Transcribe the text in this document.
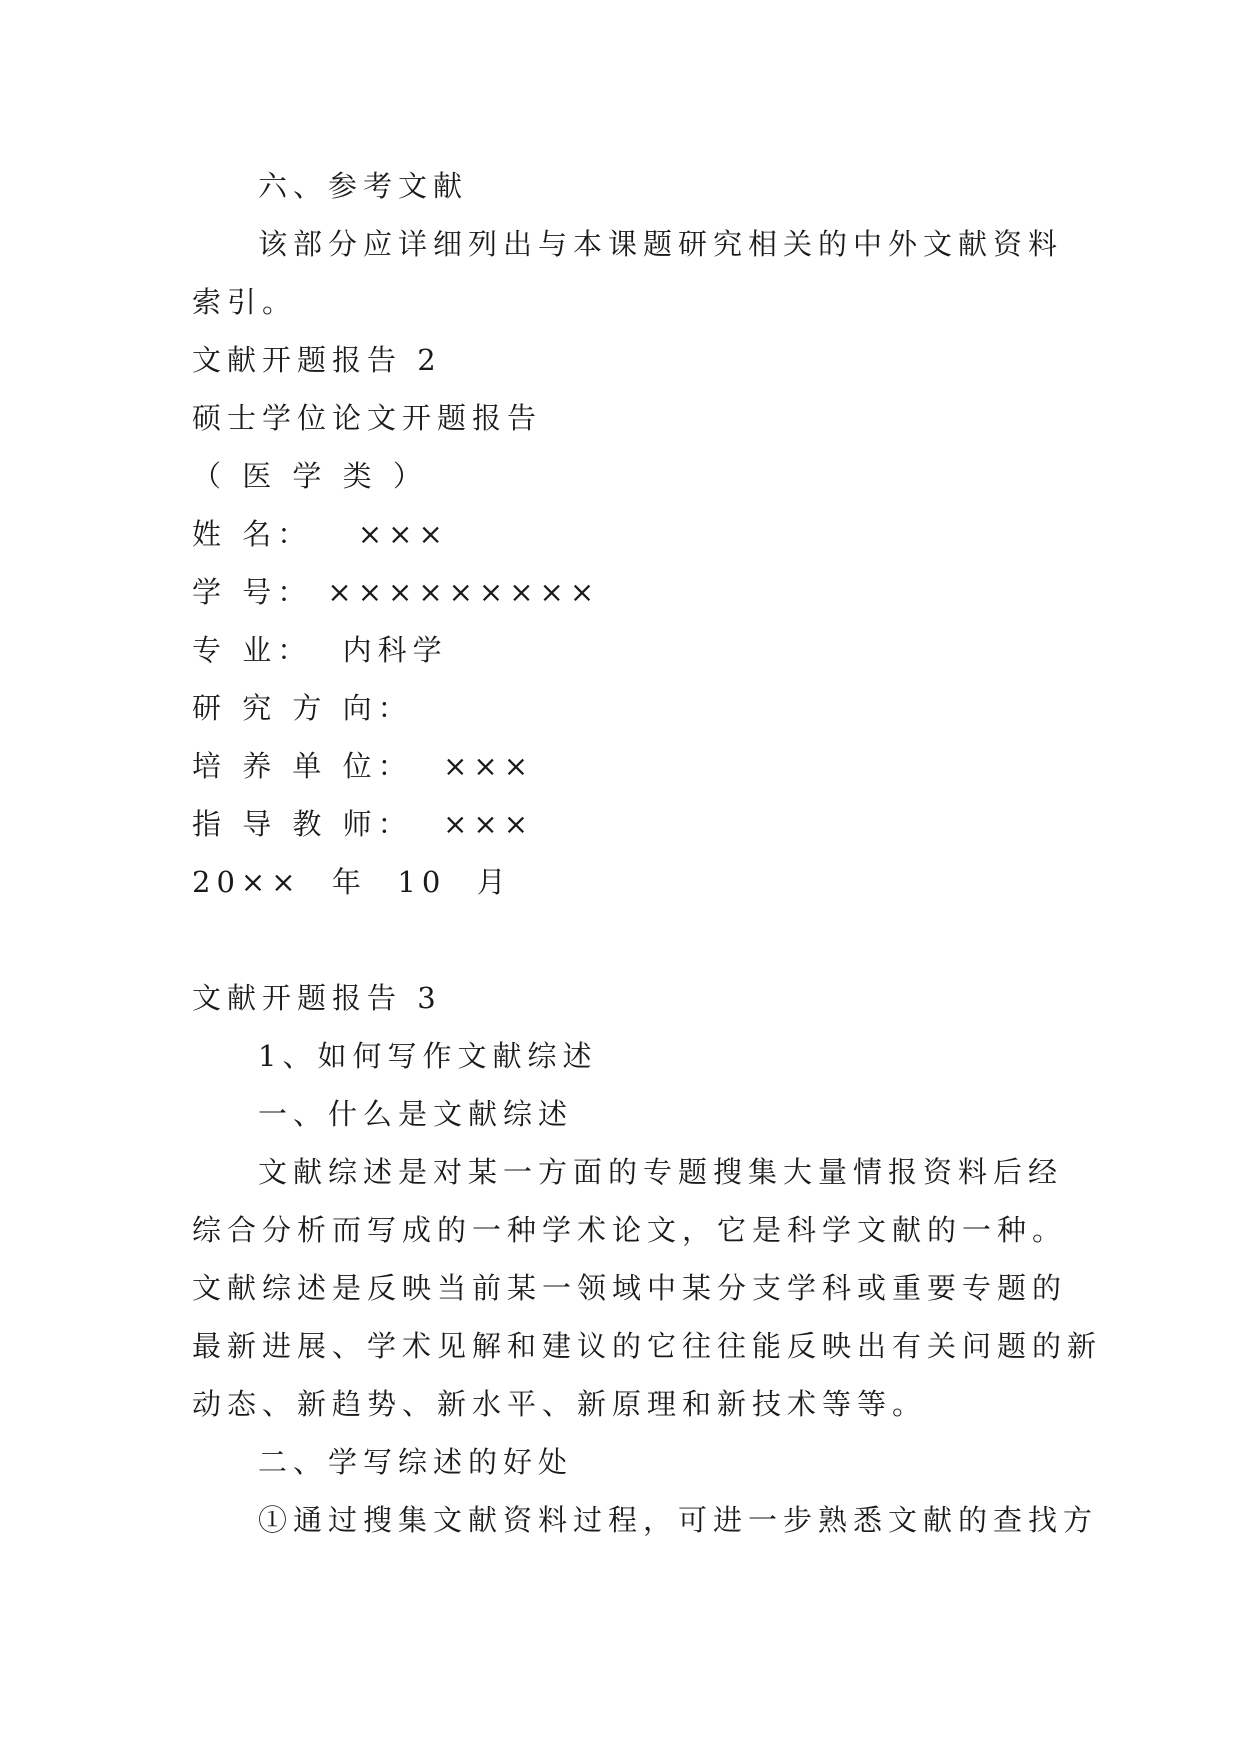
六、参考文献

该部分应详细列出与本课题研究相关的中外文献资料

索引。

文献开题报告 2

硕士学位论文开题报告

（ 医 学 类 ）

姓 名：   ×××

学 号： ×××××××××

专 业：  内科学

研 究 方 向：

培 养 单 位：  ×××

指 导 教 师：  ×××

20××  年  10  月

文献开题报告 3

1、如何写作文献综述

一、什么是文献综述

文献综述是对某一方面的专题搜集大量情报资料后经

综合分析而写成的一种学术论文，它是科学文献的一种。

文献综述是反映当前某一领域中某分支学科或重要专题的

最新进展、学术见解和建议的它往往能反映出有关问题的新

动态、新趋势、新水平、新原理和新技术等等。

二、学写综述的好处

①通过搜集文献资料过程，可进一步熟悉文献的查找方
